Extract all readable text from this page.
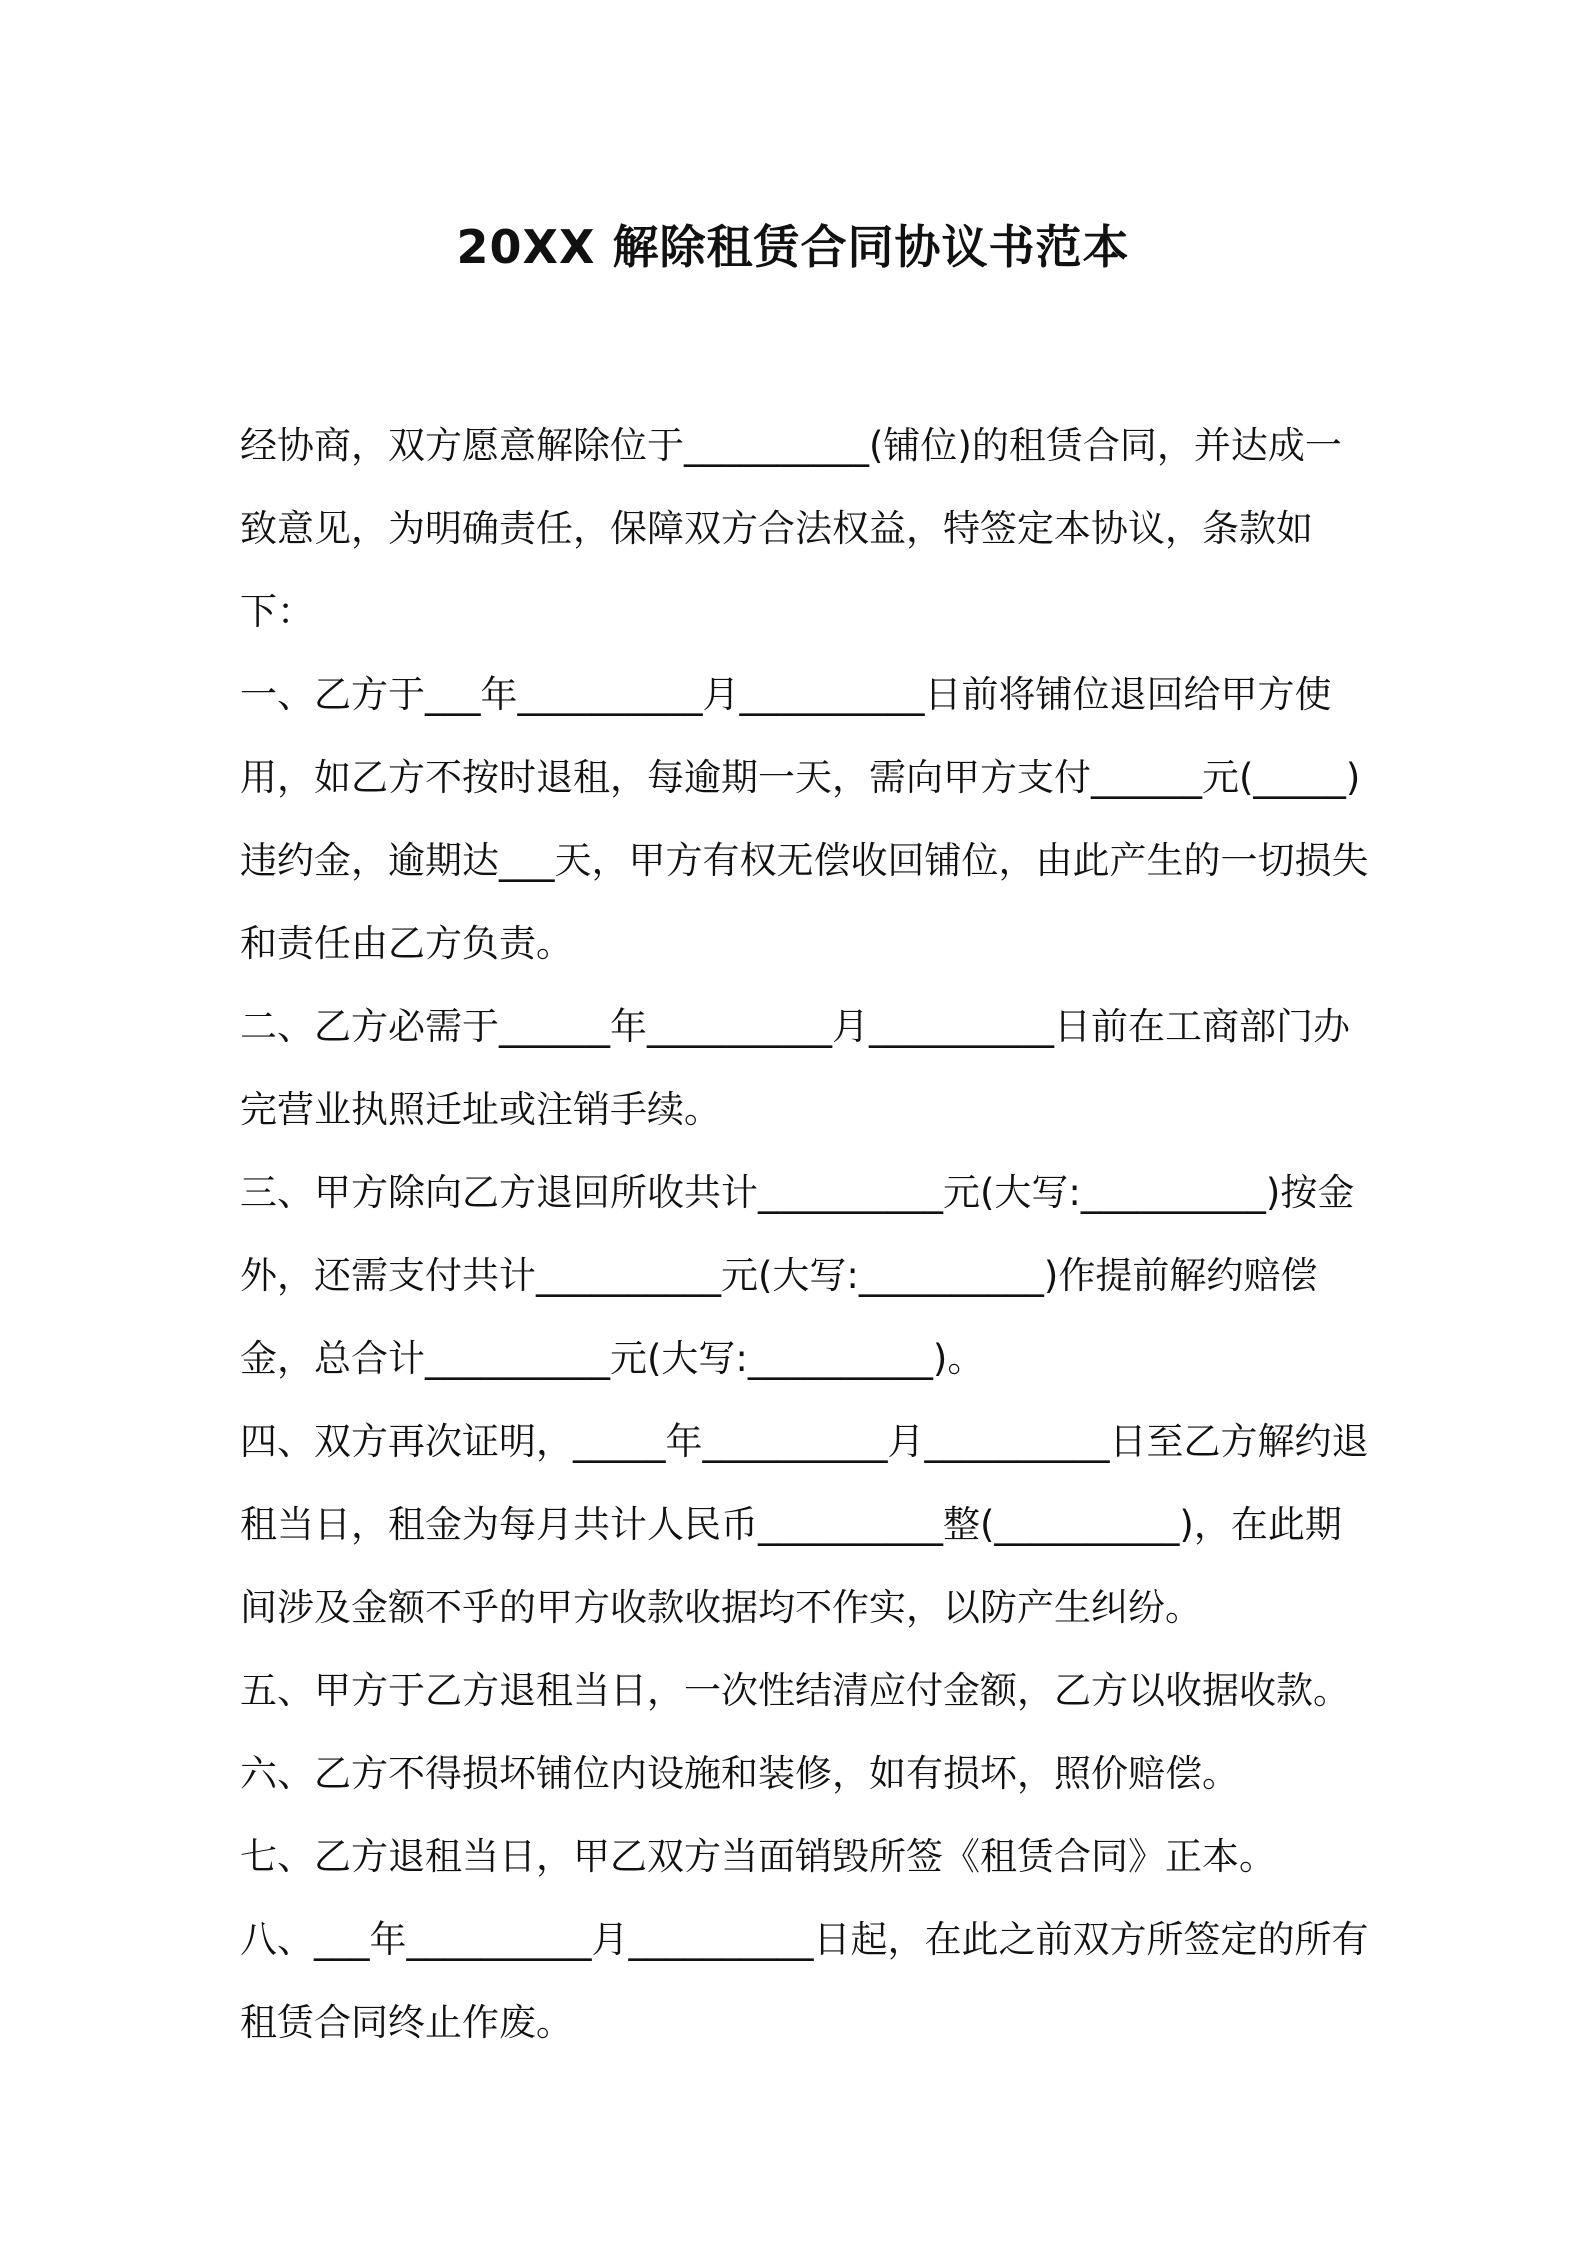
20XX 解除租赁合同协议书范本

经协商，双方愿意解除位于__________(铺位)的租赁合同，并达成一致意见，为明确责任，保障双方合法权益，特签定本协议，条款如下：

一、乙方于___年__________月__________日前将铺位退回给甲方使用，如乙方不按时退租，每逾期一天，需向甲方支付______元(_____)违约金，逾期达___天，甲方有权无偿收回铺位，由此产生的一切损失和责任由乙方负责。

二、乙方必需于______年__________月__________日前在工商部门办完营业执照迁址或注销手续。

三、甲方除向乙方退回所收共计__________元(大写:__________)按金外，还需支付共计__________元(大写:__________)作提前解约赔偿金，总合计__________元(大写:__________)。

四、双方再次证明，_____年__________月__________日至乙方解约退租当日，租金为每月共计人民币__________整(__________)，在此期间涉及金额不乎的甲方收款收据均不作实，以防产生纠纷。

五、甲方于乙方退租当日，一次性结清应付金额，乙方以收据收款。

六、乙方不得损坏铺位内设施和装修，如有损坏，照价赔偿。

七、乙方退租当日，甲乙双方当面销毁所签《租赁合同》正本。

八、___年__________月__________日起，在此之前双方所签定的所有租赁合同终止作废。
